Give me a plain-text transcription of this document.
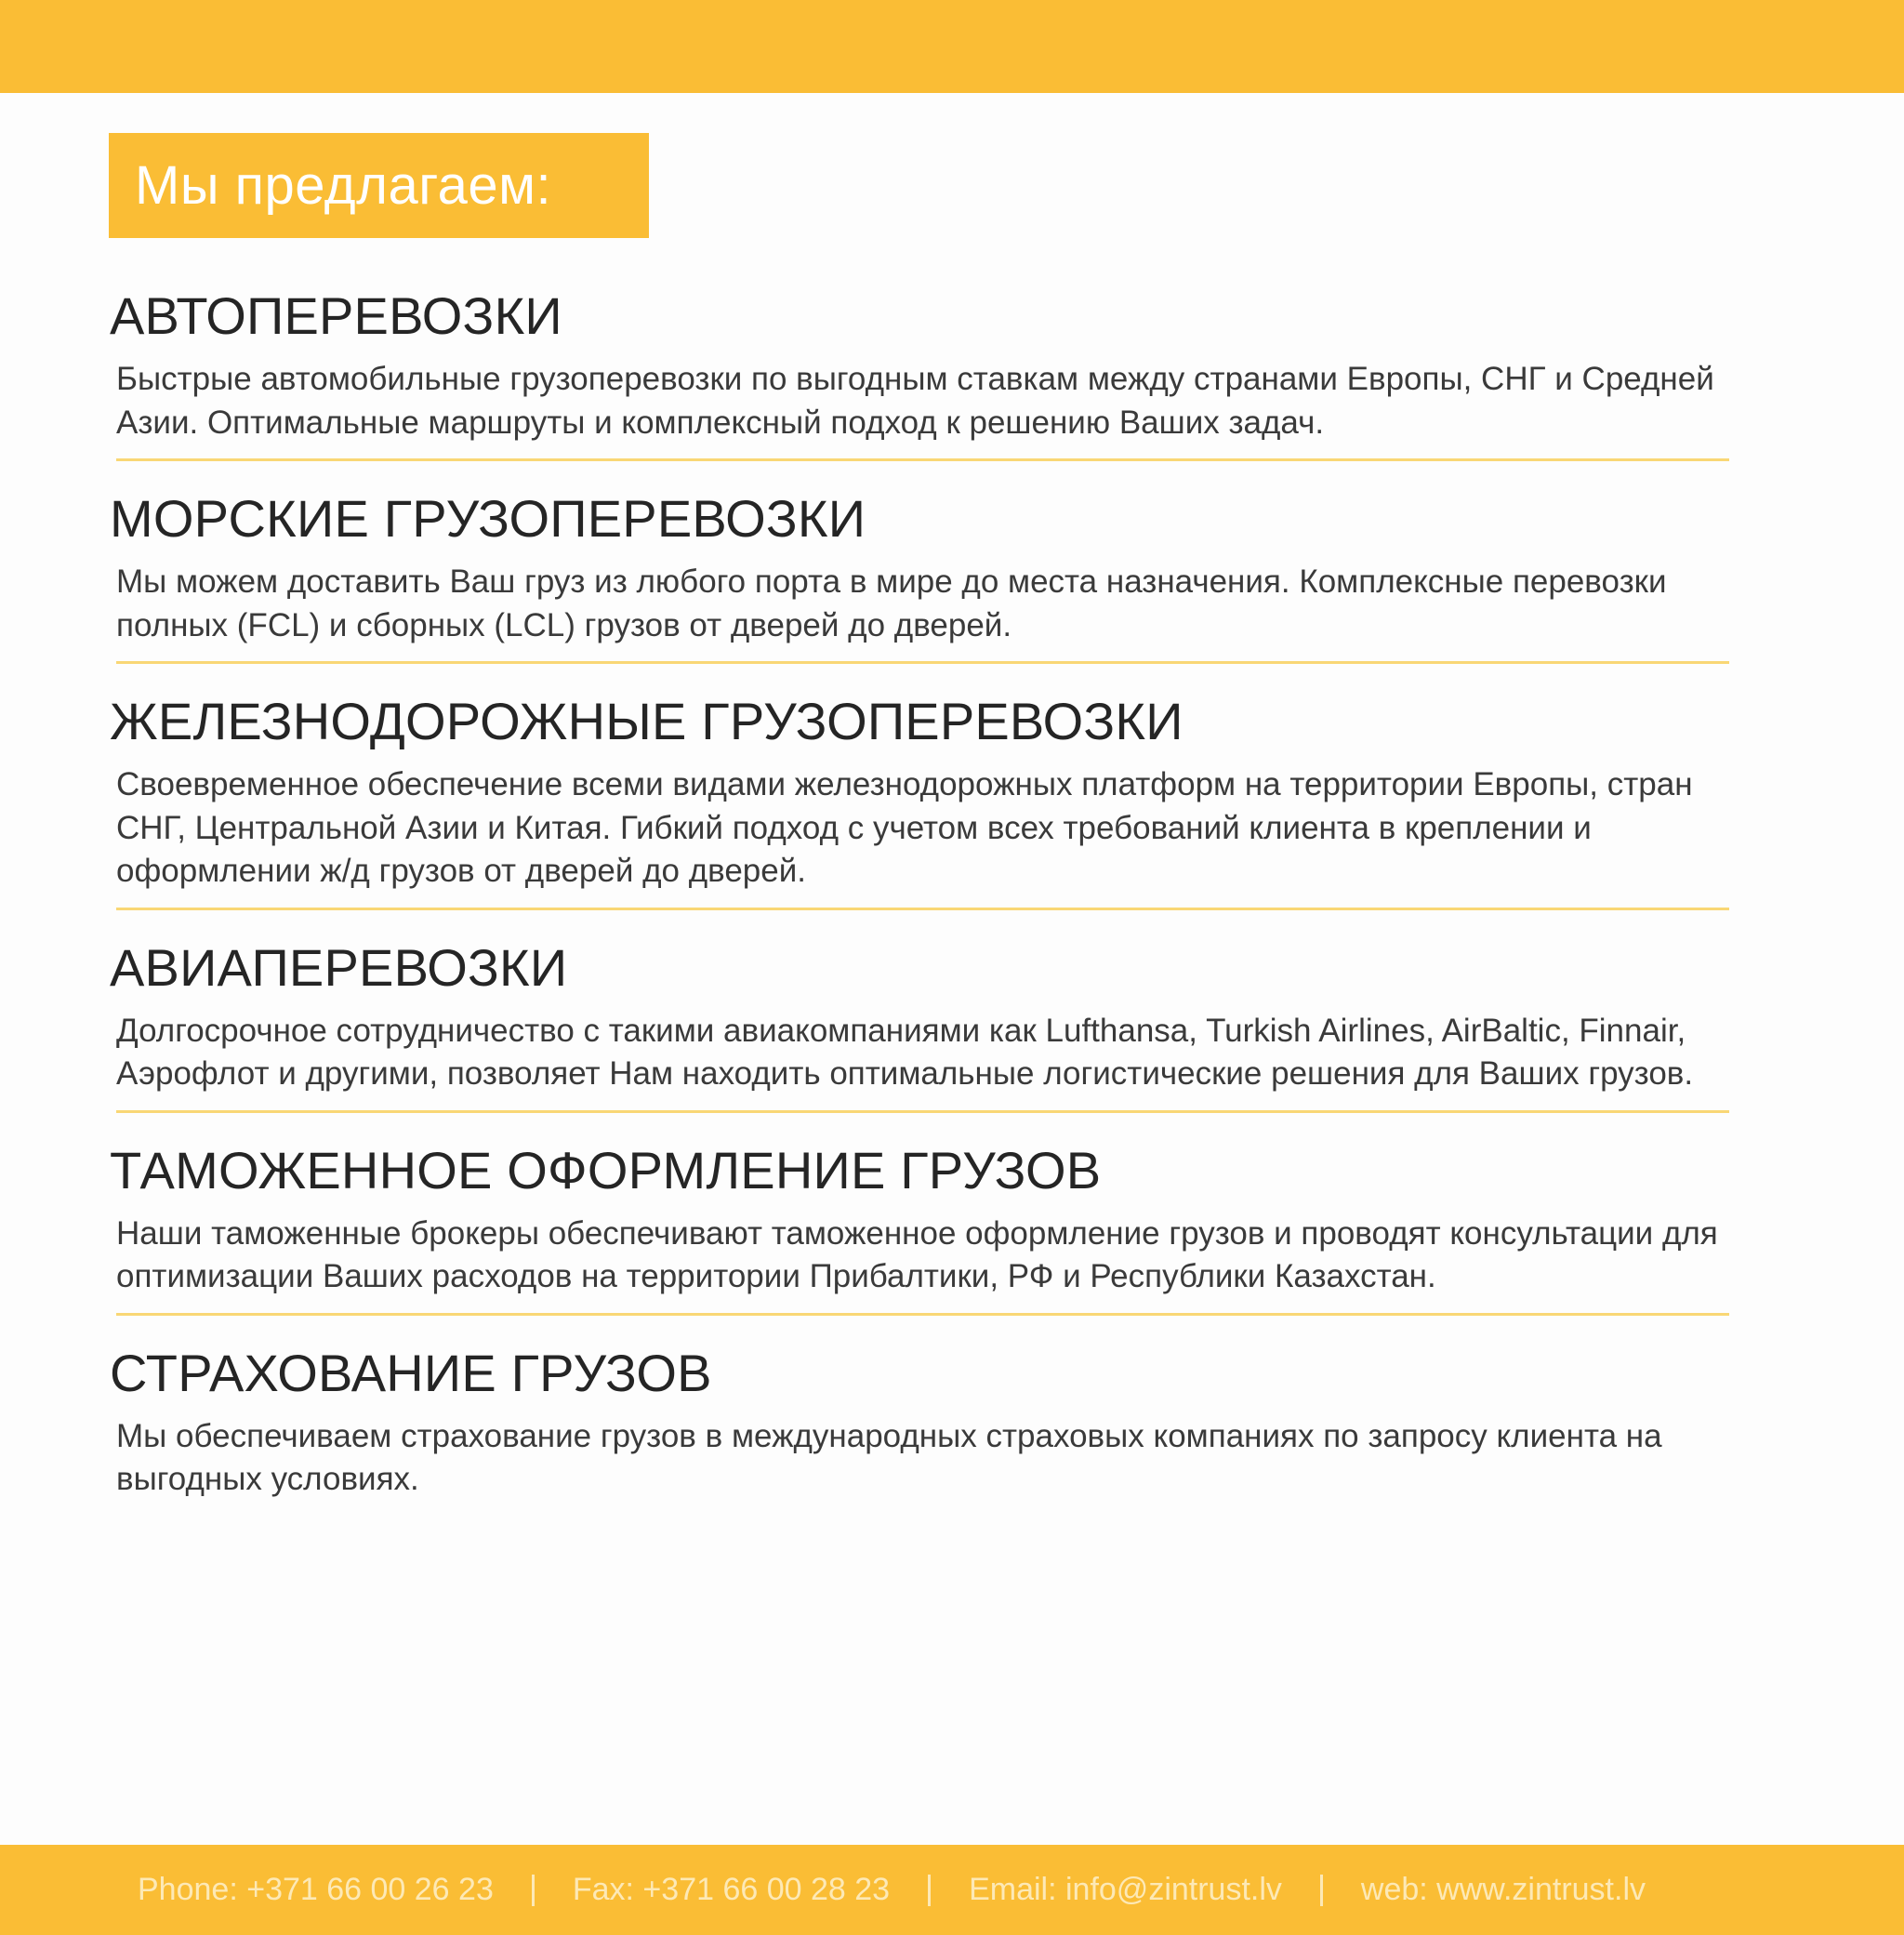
Мы предлагаем:
АВТОПЕРЕВОЗКИ
Быстрые автомобильные грузоперевозки по выгодным ставкам между странами Европы, СНГ и Средней Азии. Оптимальные маршруты и комплексный подход к решению Ваших задач.
МОРСКИЕ ГРУЗОПЕРЕВОЗКИ
Мы можем доставить Ваш груз из любого порта в мире до места назначения. Комплексные перевозки полных (FCL) и сборных (LCL) грузов от дверей до дверей.
ЖЕЛЕЗНОДОРОЖНЫЕ ГРУЗОПЕРЕВОЗКИ
Своевременное обеспечение всеми видами железнодорожных платформ на территории Европы, стран СНГ, Центральной Азии и Китая. Гибкий подход с учетом всех требований клиента в креплении и оформлении ж/д грузов от дверей до дверей.
АВИАПЕРЕВОЗКИ
Долгосрочное сотрудничество с такими авиакомпаниями как Lufthansa, Turkish Airlines, AirBaltic, Finnair, Аэрофлот и другими, позволяет Нам находить оптимальные логистические решения для Ваших грузов.
ТАМОЖЕННОЕ ОФОРМЛЕНИЕ ГРУЗОВ
Наши таможенные брокеры обеспечивают таможенное оформление грузов и проводят консультации для оптимизации Ваших расходов на территории Прибалтики, РФ и Республики Казахстан.
СТРАХОВАНИЕ ГРУЗОВ
Мы обеспечиваем страхование грузов в международных страховых компаниях по запросу клиента на выгодных условиях.
Phone: +371 66 00 26 23	Fax: +371 66 00 28 23	Email: info@zintrust.lv	web: www.zintrust.lv
